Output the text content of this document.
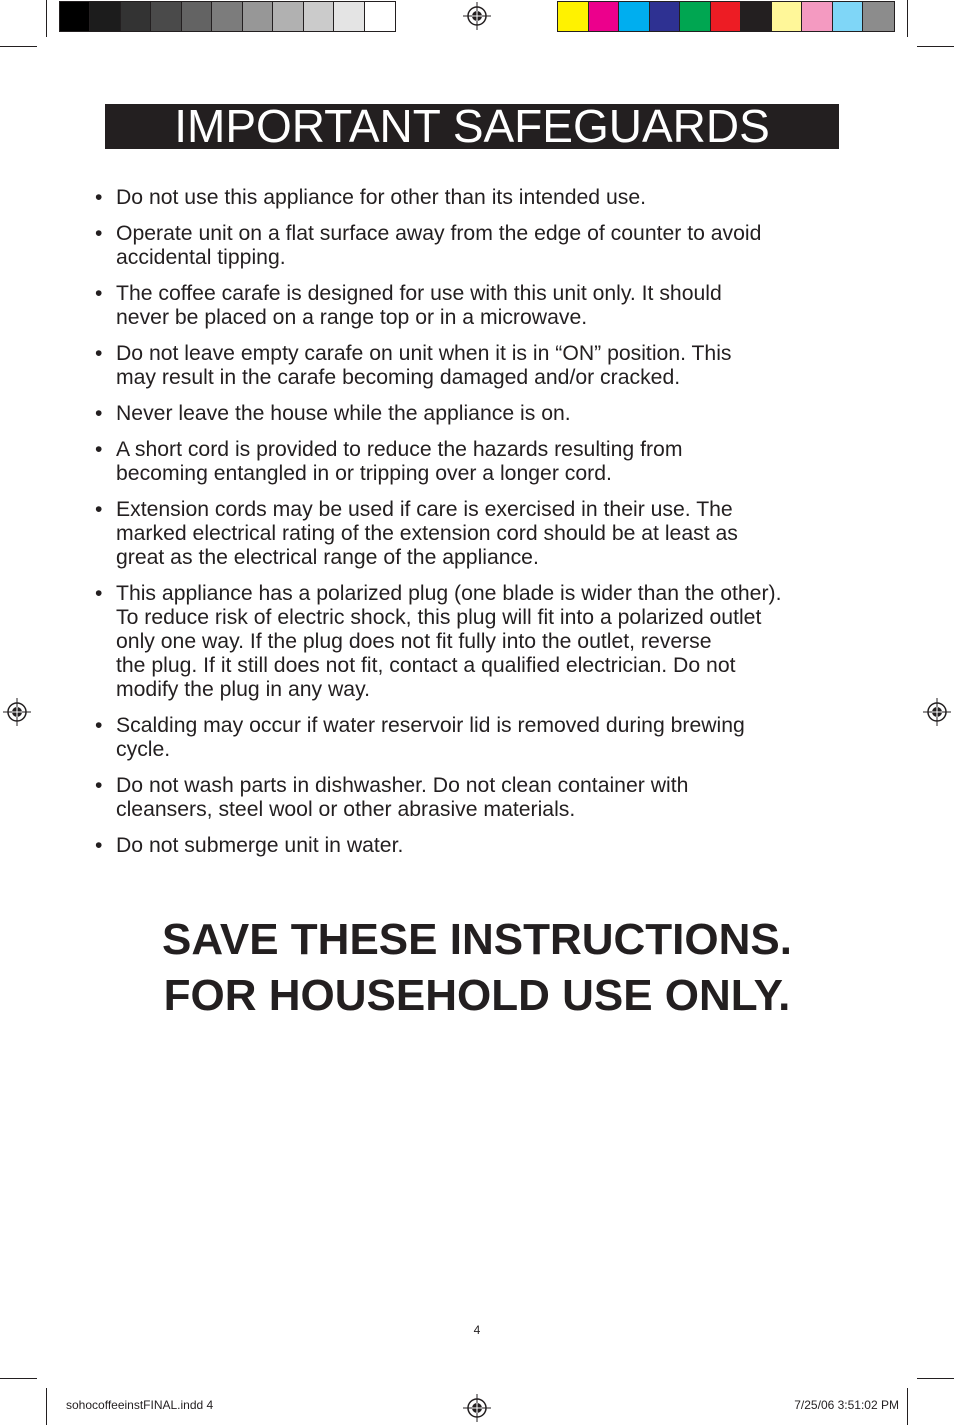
IMPORTANT SAFEGUARDS
• Do not use this appliance for other than its intended use.
• Operate unit on a flat surface away from the edge of counter to avoid
accidental tipping.
• The coffee carafe is designed for use with this unit only. It should
never be placed on a range top or in a microwave.
• Do not leave empty carafe on unit when it is in “ON” position. This
may result in the carafe becoming damaged and/or cracked.
• Never leave the house while the appliance is on.
• A short cord is provided to reduce the hazards resulting from
becoming entangled in or tripping over a longer cord.
• Extension cords may be used if care is exercised in their use. The
marked electrical rating of the extension cord should be at least as
great as the electrical range of the appliance.
• This appliance has a polarized plug (one blade is wider than the other).
To reduce risk of electric shock, this plug will fit into a polarized outlet
only one way. If the plug does not fit fully into the outlet, reverse
the plug. If it still does not fit, contact a qualified electrician. Do not
modify the plug in any way.
• Scalding may occur if water reservoir lid is removed during brewing
cycle.
• Do not wash parts in dishwasher. Do not clean container with
cleansers, steel wool or other abrasive materials.
• Do not submerge unit in water.
SAVE THESE INSTRUCTIONS.
FOR HOUSEHOLD USE ONLY.
4
sohocoffeeinstFINAL.indd 4	7/25/06 3:51:02 PM
